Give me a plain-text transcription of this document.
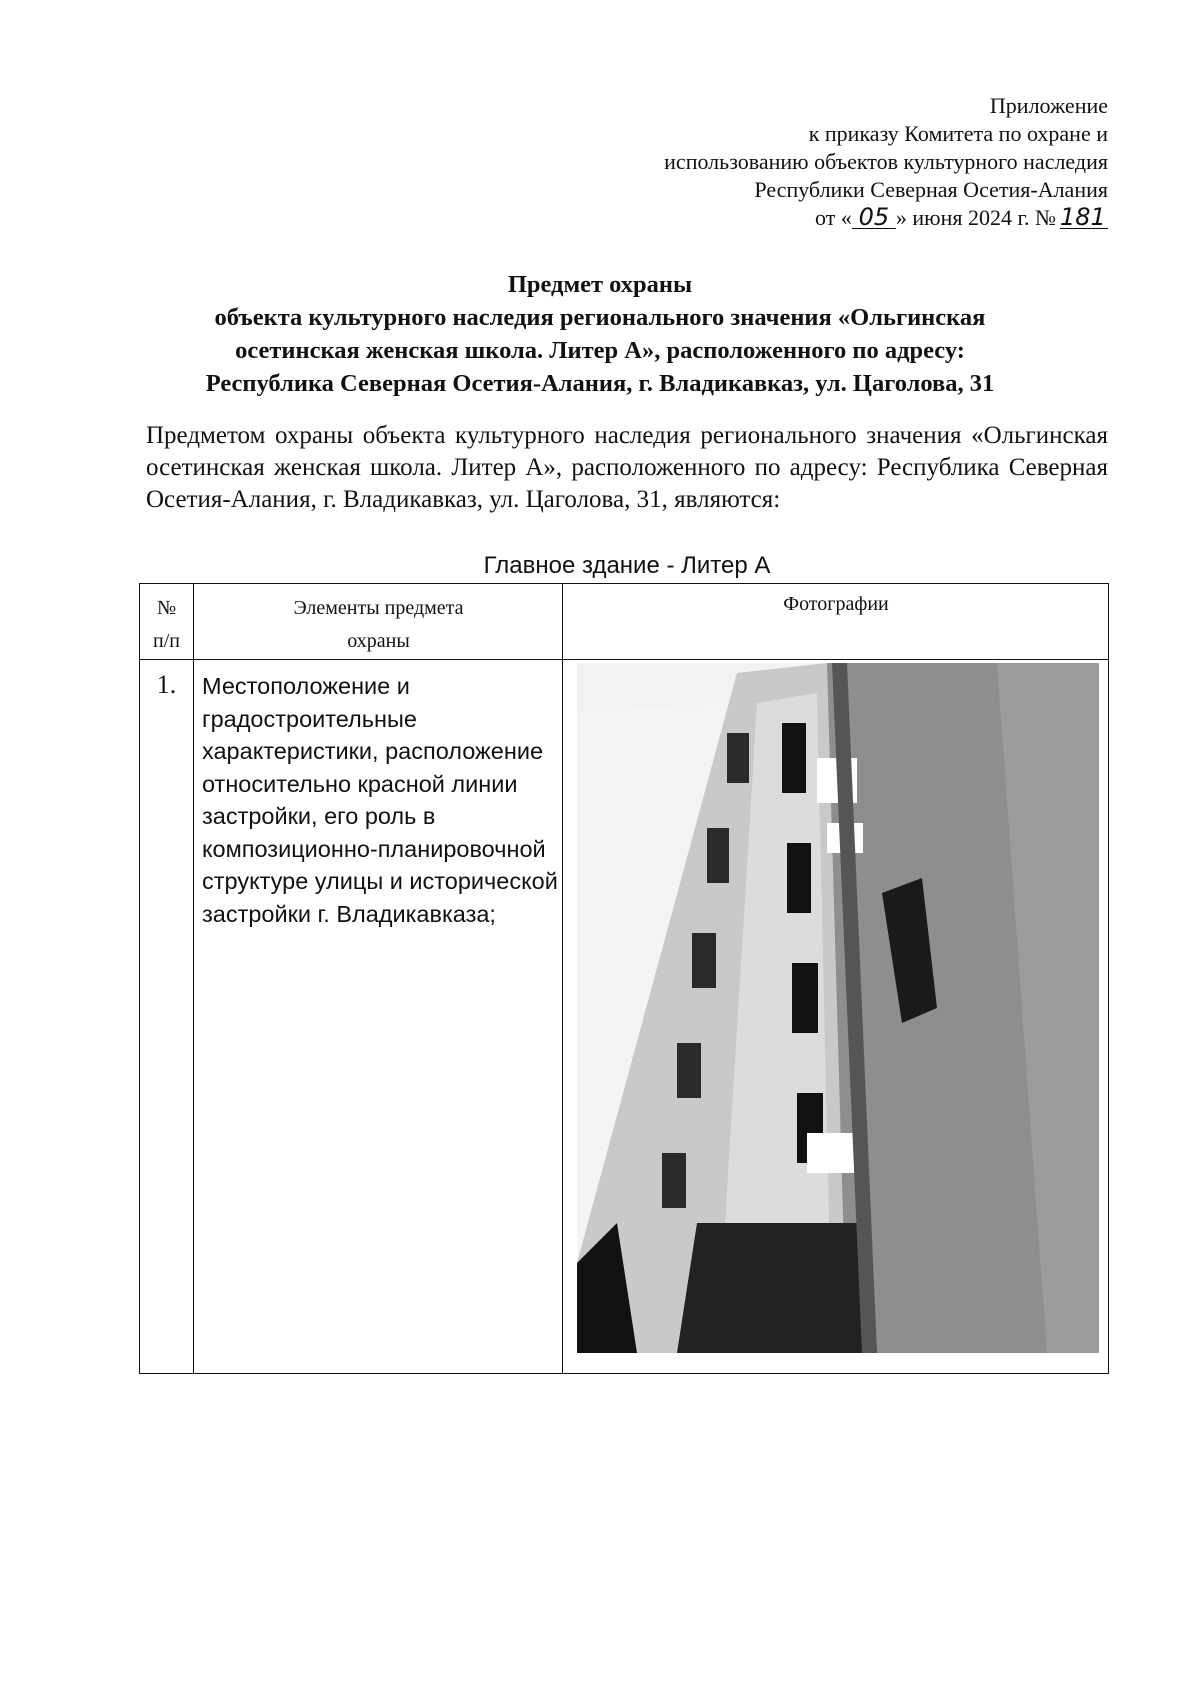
Приложение
к приказу Комитета по охране и
использованию объектов культурного наследия
Республики Северная Осетия-Алания
от « 05 » июня 2024 г. № 181
Предмет охраны
объекта культурного наследия регионального значения «Ольгинская
осетинская женская школа. Литер А», расположенного по адресу:
Республика Северная Осетия-Алания, г. Владикавказ, ул. Цаголова, 31
Предметом охраны объекта культурного наследия регионального значения «Ольгинская осетинская женская школа. Литер А», расположенного по адресу: Республика Северная Осетия-Алания, г. Владикавказ, ул. Цаголова, 31, являются:
Главное здание - Литер А
№
п/п
Элементы предмета
охраны
Фотографии
1.	Местоположение и градостроительные характеристики, расположение относительно красной линии застройки, его роль в композиционно-планировочной структуре улицы и исторической застройки г. Владикавказа;
